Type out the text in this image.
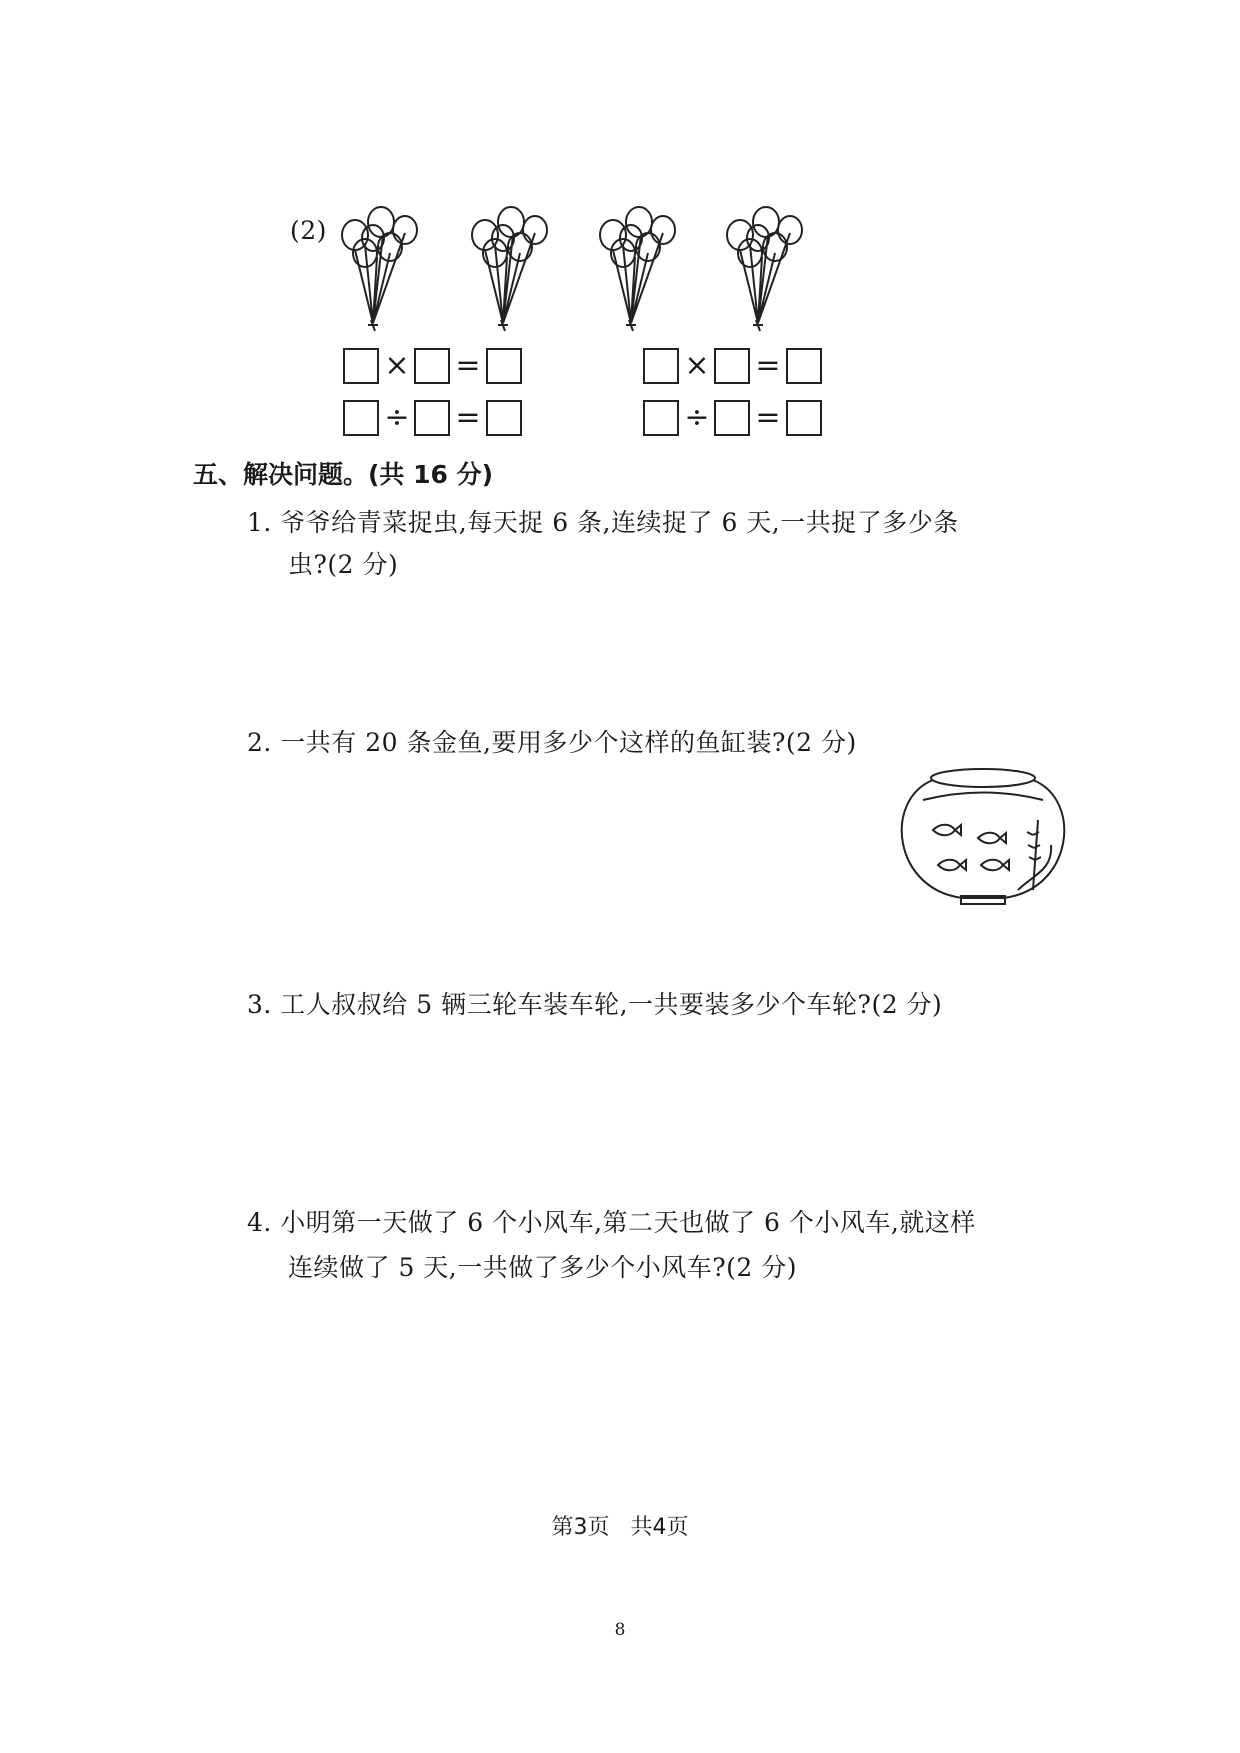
(2)
× =
÷ =
× =
÷ =
五、解决问题。(共 16 分)
1. 爷爷给青菜捉虫,每天捉 6 条,连续捉了 6 天,一共捉了多少条
虫?(2 分)
2. 一共有 20 条金鱼,要用多少个这样的鱼缸装?(2 分)
3. 工人叔叔给 5 辆三轮车装车轮,一共要装多少个车轮?(2 分)
4. 小明第一天做了 6 个小风车,第二天也做了 6 个小风车,就这样
连续做了 5 天,一共做了多少个小风车?(2 分)
第3页   共4页
8
